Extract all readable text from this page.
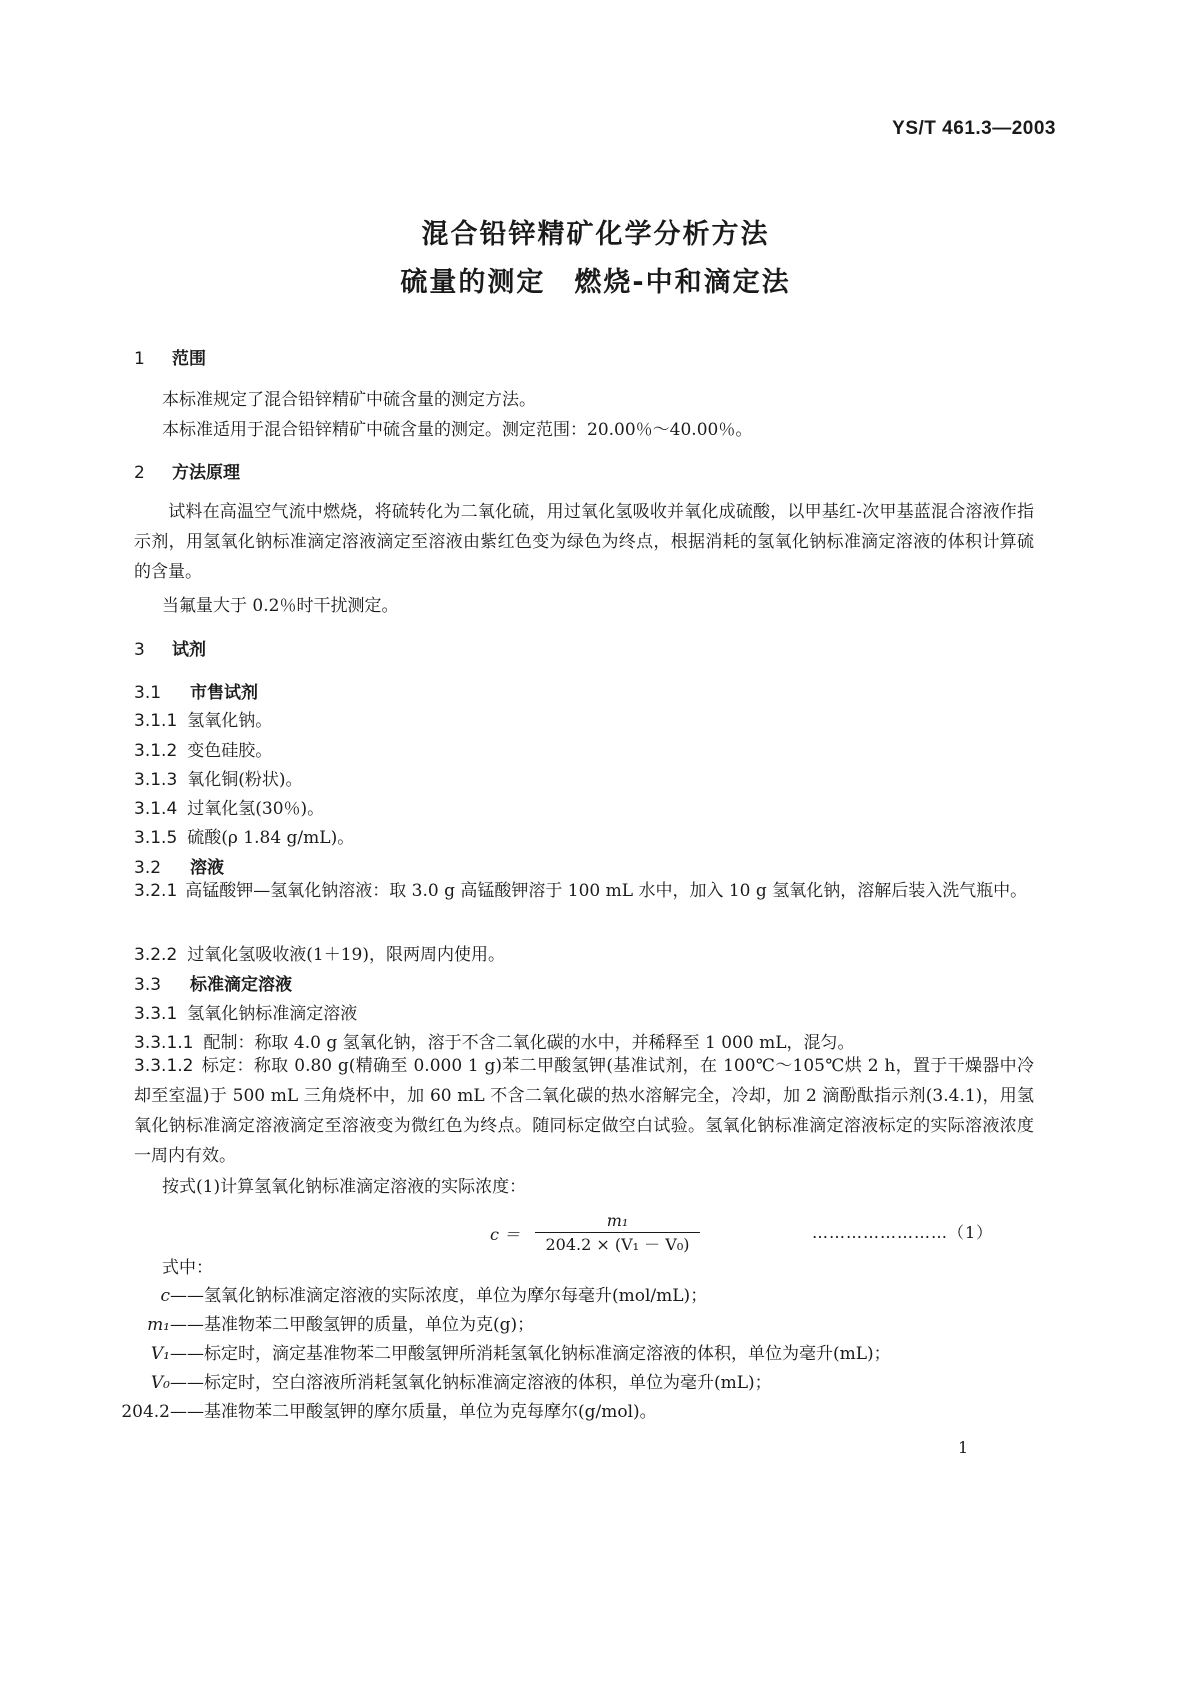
YS/T 461.3—2003
混合铅锌精矿化学分析方法
硫量的测定　燃烧-中和滴定法
1 范围
本标准规定了混合铅锌精矿中硫含量的测定方法。
本标准适用于混合铅锌精矿中硫含量的测定。测定范围：20.00％～40.00％。
2 方法原理
试料在高温空气流中燃烧，将硫转化为二氧化硫，用过氧化氢吸收并氧化成硫酸，以甲基红-次甲基蓝混合溶液作指示剂，用氢氧化钠标准滴定溶液滴定至溶液由紫红色变为绿色为终点，根据消耗的氢氧化钠标准滴定溶液的体积计算硫的含量。
当氟量大于 0.2％时干扰测定。
3 试剂
3.1 市售试剂
3.1.1 氢氧化钠。
3.1.2 变色硅胶。
3.1.3 氧化铜(粉状)。
3.1.4 过氧化氢(30％)。
3.1.5 硫酸(ρ 1.84 g/mL)。
3.2 溶液
3.2.1 高锰酸钾—氢氧化钠溶液：取 3.0 g 高锰酸钾溶于 100 mL 水中，加入 10 g 氢氧化钠，溶解后装入洗气瓶中。
3.2.2 过氧化氢吸收液(1＋19)，限两周内使用。
3.3 标准滴定溶液
3.3.1 氢氧化钠标准滴定溶液
3.3.1.1 配制：称取 4.0 g 氢氧化钠，溶于不含二氧化碳的水中，并稀释至 1 000 mL，混匀。
3.3.1.2 标定：称取 0.80 g(精确至 0.000 1 g)苯二甲酸氢钾(基准试剂，在 100℃～105℃烘 2 h，置于干燥器中冷却至室温)于 500 mL 三角烧杯中，加 60 mL 不含二氧化碳的热水溶解完全，冷却，加 2 滴酚酞指示剂(3.4.1)，用氢氧化钠标准滴定溶液滴定至溶液变为微红色为终点。随同标定做空白试验。氢氧化钠标准滴定溶液标定的实际溶液浓度一周内有效。
按式(1)计算氢氧化钠标准滴定溶液的实际浓度：
c ＝
m₁
204.2 × (V₁ － V₀)
……………………（1）
式中：
c——氢氧化钠标准滴定溶液的实际浓度，单位为摩尔每毫升(mol/mL)；
m₁——基准物苯二甲酸氢钾的质量，单位为克(g)；
V₁——标定时，滴定基准物苯二甲酸氢钾所消耗氢氧化钠标准滴定溶液的体积，单位为毫升(mL)；
V₀——标定时，空白溶液所消耗氢氧化钠标准滴定溶液的体积，单位为毫升(mL)；
204.2——基准物苯二甲酸氢钾的摩尔质量，单位为克每摩尔(g/mol)。
1
